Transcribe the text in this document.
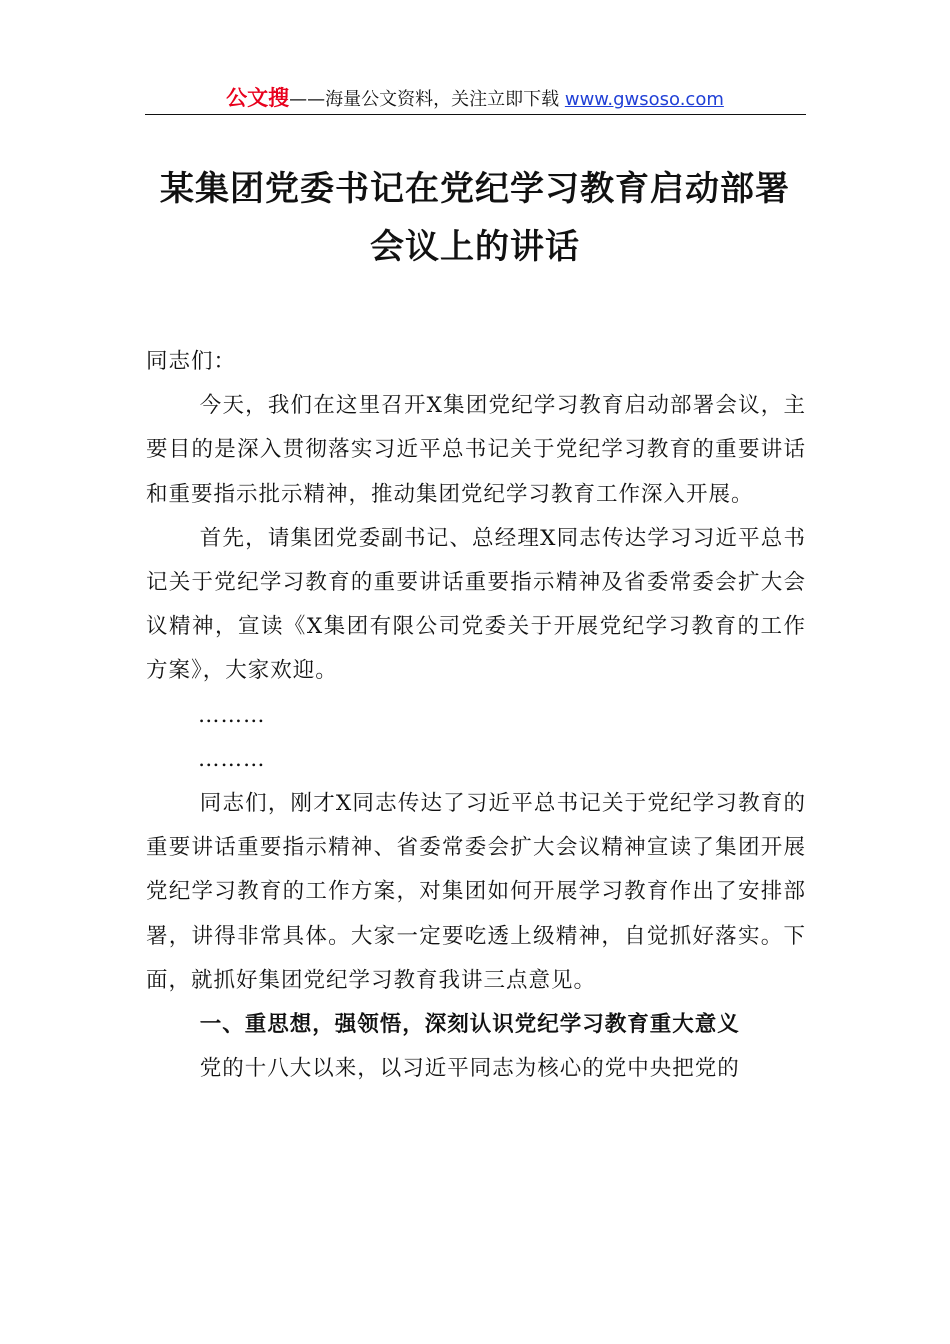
公文搜——海量公文资料，关注立即下载 www.gwsoso.com
某集团党委书记在党纪学习教育启动部署
会议上的讲话

同志们：

今天，我们在这里召开X集团党纪学习教育启动部署会议，主要目的是深入贯彻落实习近平总书记关于党纪学习教育的重要讲话和重要指示批示精神，推动集团党纪学习教育工作深入开展。

首先，请集团党委副书记、总经理X同志传达学习习近平总书记关于党纪学习教育的重要讲话重要指示精神及省委常委会扩大会议精神，宣读《X集团有限公司党委关于开展党纪学习教育的工作方案》，大家欢迎。

………

………

同志们，刚才X同志传达了习近平总书记关于党纪学习教育的重要讲话重要指示精神、省委常委会扩大会议精神宣读了集团开展党纪学习教育的工作方案，对集团如何开展学习教育作出了安排部署，讲得非常具体。大家一定要吃透上级精神，自觉抓好落实。下面，就抓好集团党纪学习教育我讲三点意见。

一、重思想，强领悟，深刻认识党纪学习教育重大意义

党的十八大以来，以习近平同志为核心的党中央把党的
